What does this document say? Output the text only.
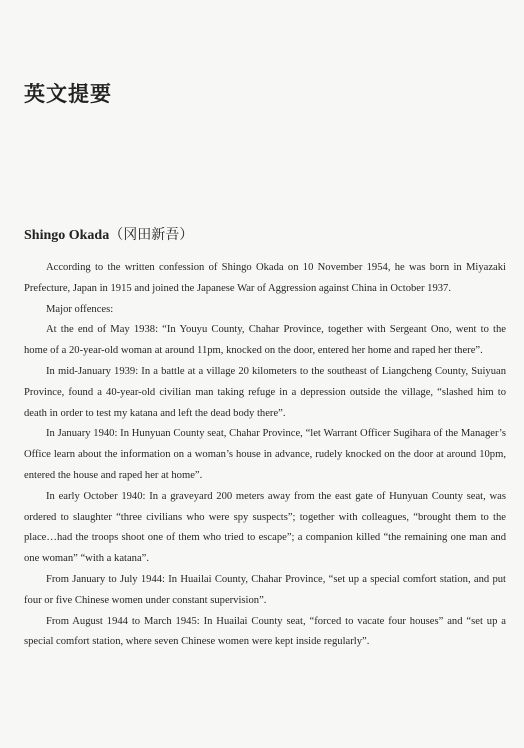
英文提要
Shingo Okada（冈田新吾）

According to the written confession of Shingo Okada on 10 November 1954, he was born in Miyazaki Prefecture, Japan in 1915 and joined the Japanese War of Aggression against China in October 1937.

Major offences:

At the end of May 1938: “In Youyu County, Chahar Province, together with Sergeant Ono, went to the home of a 20-year-old woman at around 11pm, knocked on the door, entered her home and raped her there”.

In mid-January 1939: In a battle at a village 20 kilometers to the southeast of Liangcheng County, Suiyuan Province, found a 40-year-old civilian man taking refuge in a depression outside the village, “slashed him to death in order to test my katana and left the dead body there”.

In January 1940: In Hunyuan County seat, Chahar Province, “let Warrant Officer Sugihara of the Manager’s Office learn about the information on a woman’s house in advance, rudely knocked on the door at around 10pm, entered the house and raped her at home”.

In early October 1940: In a graveyard 200 meters away from the east gate of Hunyuan County seat, was ordered to slaughter “three civilians who were spy suspects”; together with colleagues, “brought them to the place…had the troops shoot one of them who tried to escape”; a companion killed “the remaining one man and one woman” “with a katana”.

From January to July 1944: In Huailai County, Chahar Province, “set up a special comfort station, and put four or five Chinese women under constant supervision”.

From August 1944 to March 1945: In Huailai County seat, “forced to vacate four houses” and “set up a special comfort station, where seven Chinese women were kept inside regularly”.
